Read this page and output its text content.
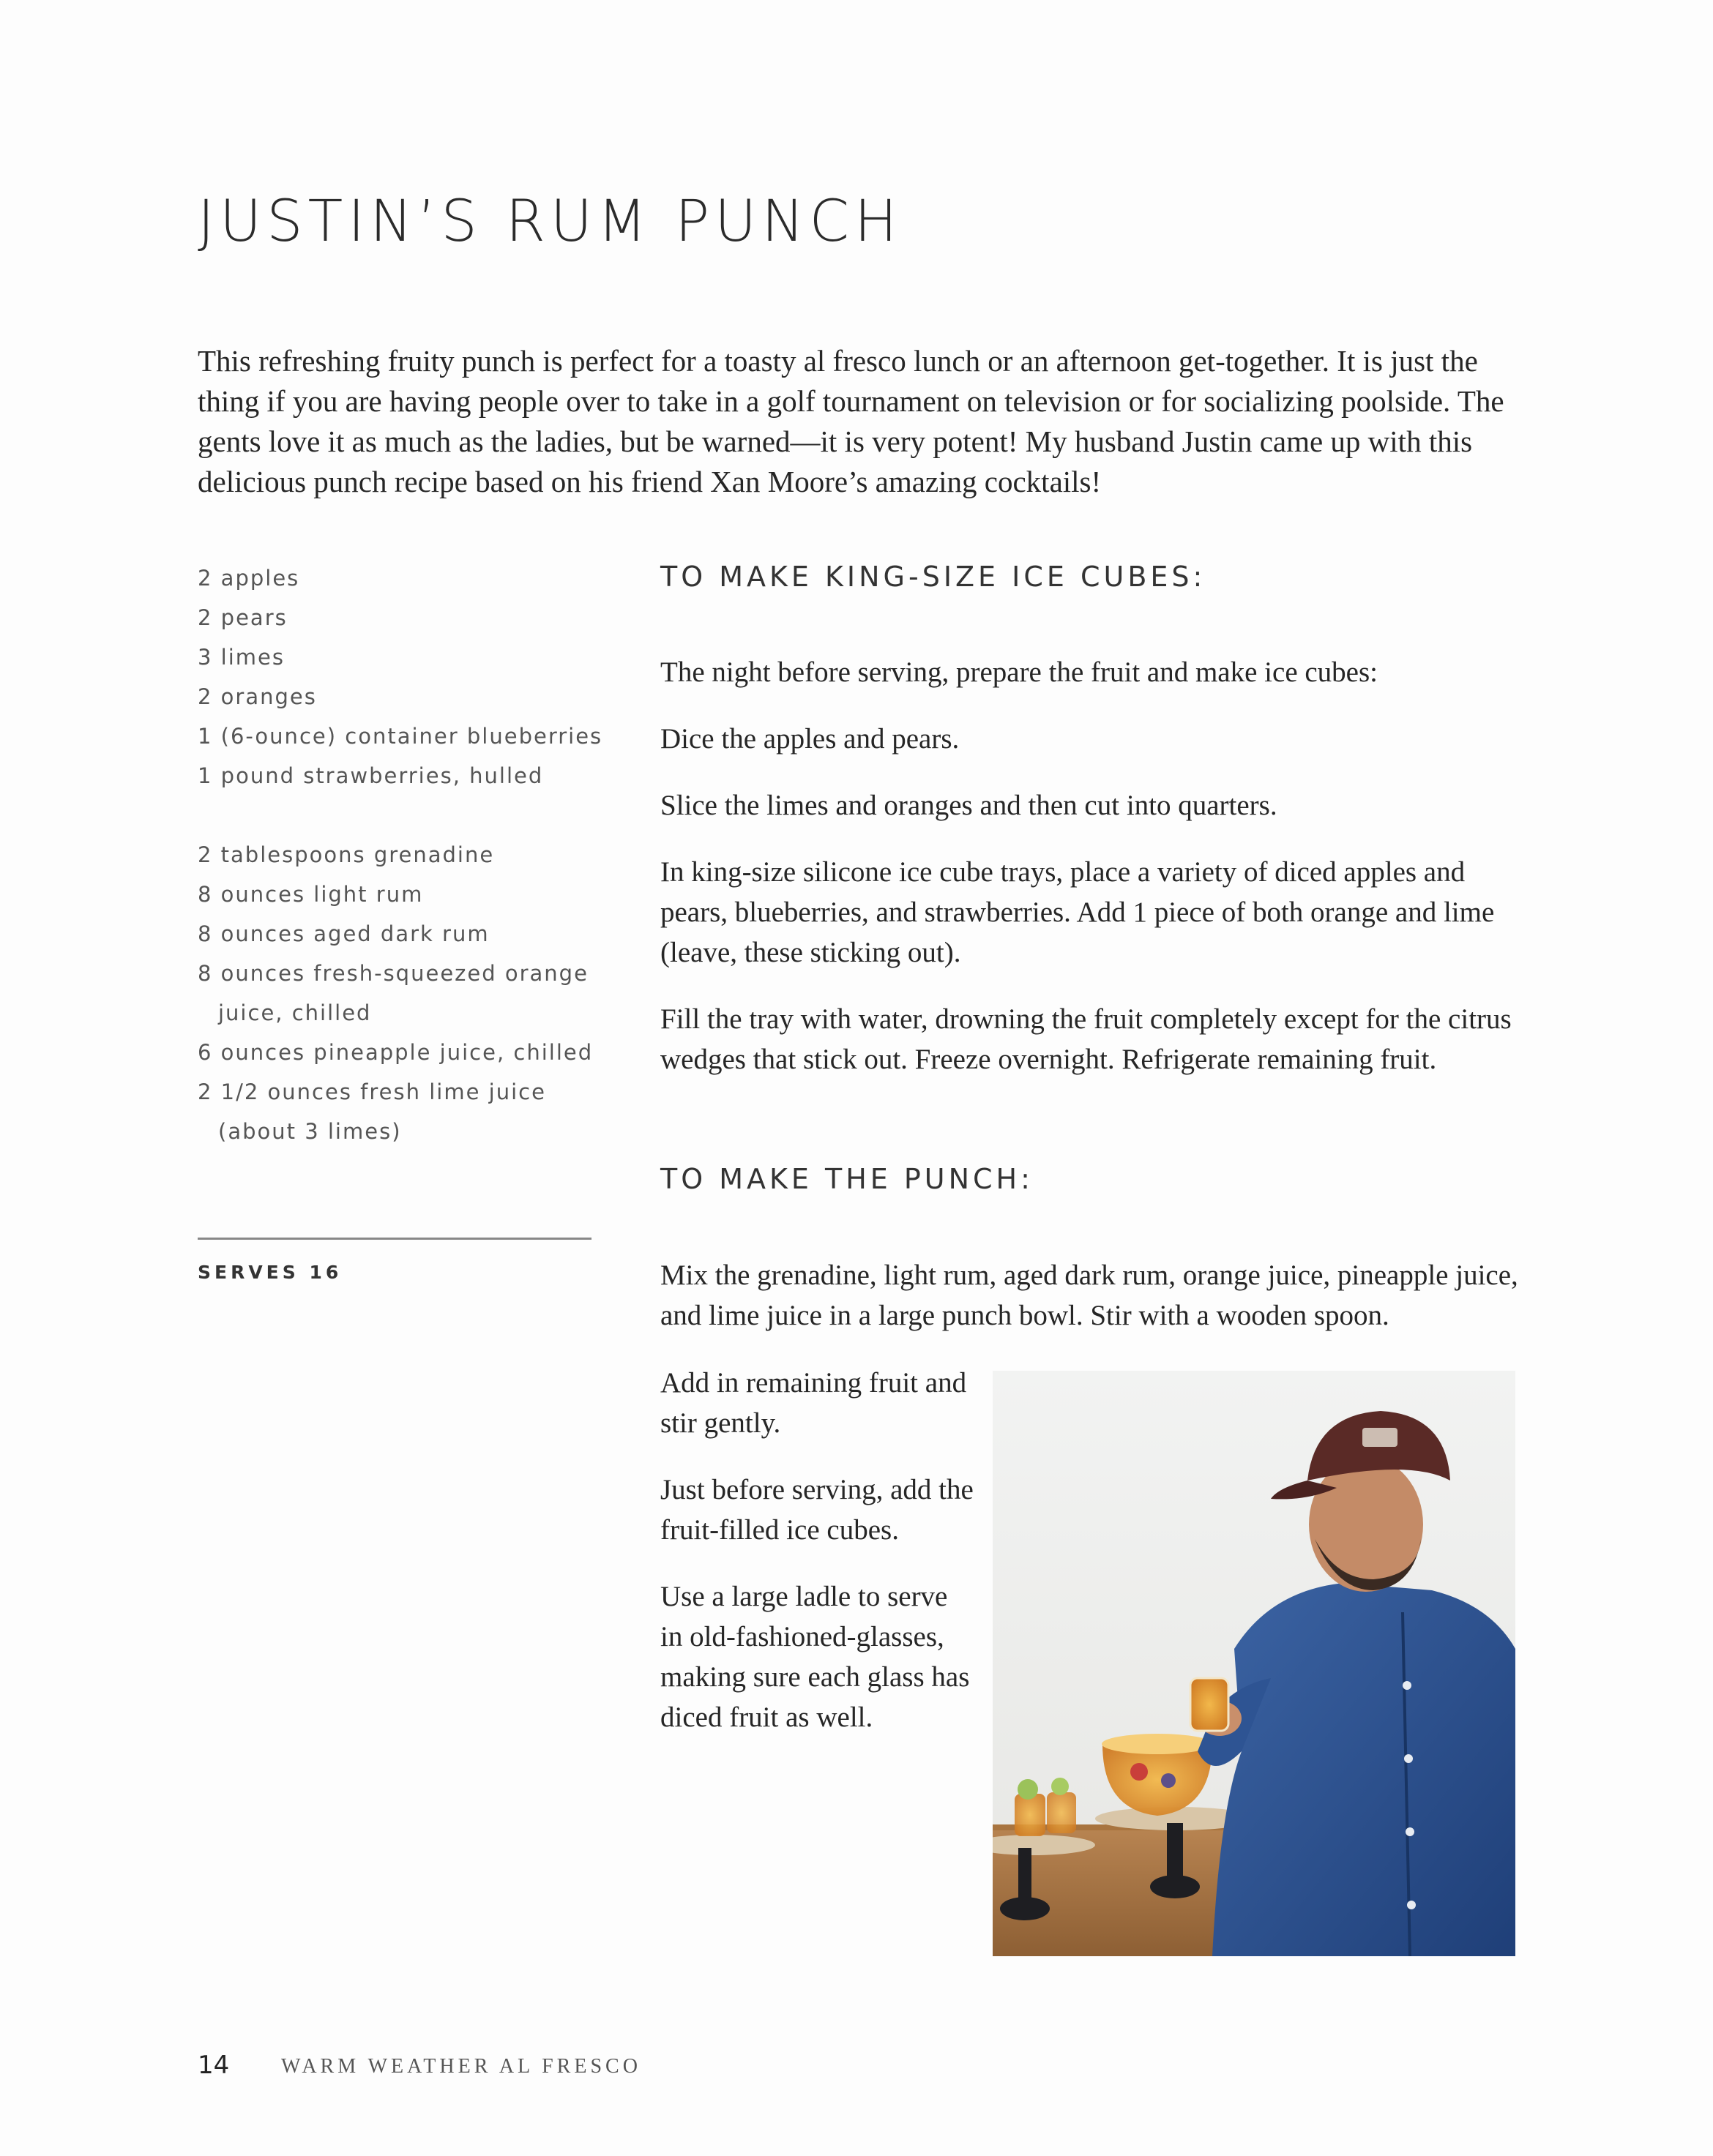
JUSTIN’S RUM PUNCH

This refreshing fruity punch is perfect for a toasty al fresco lunch or an afternoon get-together. It is just the thing if you are having people over to take in a golf tournament on television or for socializing poolside. The gents love it as much as the ladies, but be warned—it is very potent! My husband Justin came up with this delicious punch recipe based on his friend Xan Moore’s amazing cocktails!

2 apples
2 pears
3 limes
2 oranges
1 (6-ounce) container blueberries
1 pound strawberries, hulled
2 tablespoons grenadine
8 ounces light rum
8 ounces aged dark rum
8 ounces fresh-squeezed orange juice, chilled
6 ounces pineapple juice, chilled
2 1/2 ounces fresh lime juice (about 3 limes)
SERVES 16
TO MAKE KING-SIZE ICE CUBES:

The night before serving, prepare the fruit and make ice cubes:

Dice the apples and pears.

Slice the limes and oranges and then cut into quarters.

In king-size silicone ice cube trays, place a variety of diced apples and pears, blueberries, and strawberries. Add 1 piece of both orange and lime (leave, these sticking out).

Fill the tray with water, drowning the fruit completely except for the citrus wedges that stick out. Freeze overnight. Refrigerate remaining fruit.

TO MAKE THE PUNCH:

Mix the grenadine, light rum, aged dark rum, orange juice, pineapple juice, and lime juice in a large punch bowl. Stir with a wooden spoon.

Add in remaining fruit and stir gently.

Just before serving, add the fruit-filled ice cubes.

Use a large ladle to serve in old-fashioned-glasses, making sure each glass has diced fruit as well.

14	WARM WEATHER AL FRESCO
